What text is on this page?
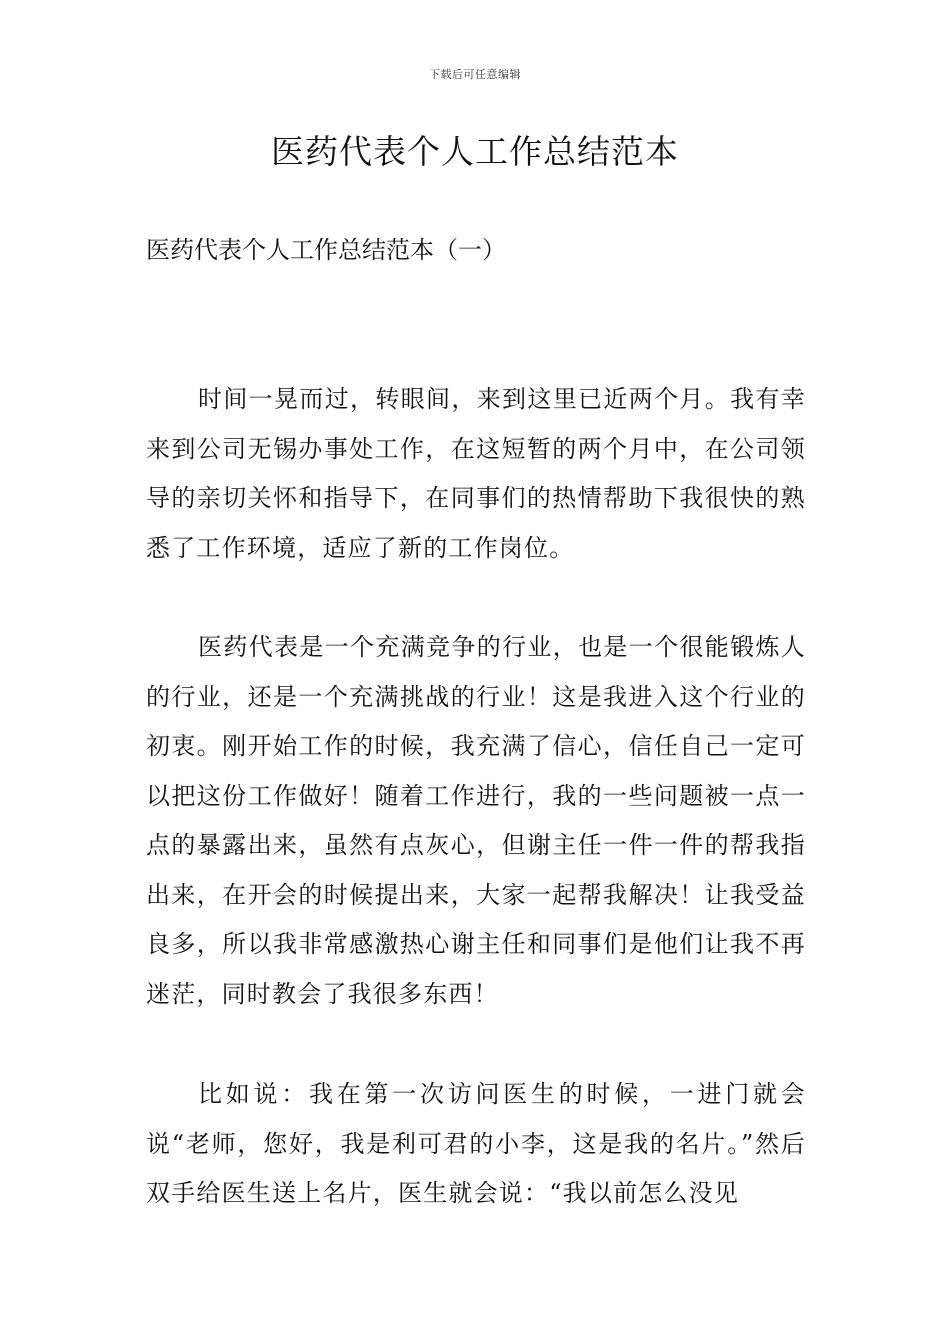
下载后可任意编辑
医药代表个人工作总结范本
医药代表个人工作总结范本（一）

时间一晃而过，转眼间，来到这里已近两个月。我有幸来到公司无锡办事处工作，在这短暂的两个月中，在公司领导的亲切关怀和指导下，在同事们的热情帮助下我很快的熟悉了工作环境，适应了新的工作岗位。

医药代表是一个充满竞争的行业，也是一个很能锻炼人的行业，还是一个充满挑战的行业！这是我进入这个行业的初衷。刚开始工作的时候，我充满了信心，信任自己一定可以把这份工作做好！随着工作进行，我的一些问题被一点一点的暴露出来，虽然有点灰心，但谢主任一件一件的帮我指出来，在开会的时候提出来，大家一起帮我解决！让我受益良多，所以我非常感激热心谢主任和同事们是他们让我不再迷茫，同时教会了我很多东西！

比如说：我在第一次访问医生的时候，一进门就会说“老师，您好，我是利可君的小李，这是我的名片。”然后双手给医生送上名片，医生就会说：“我以前怎么没见
